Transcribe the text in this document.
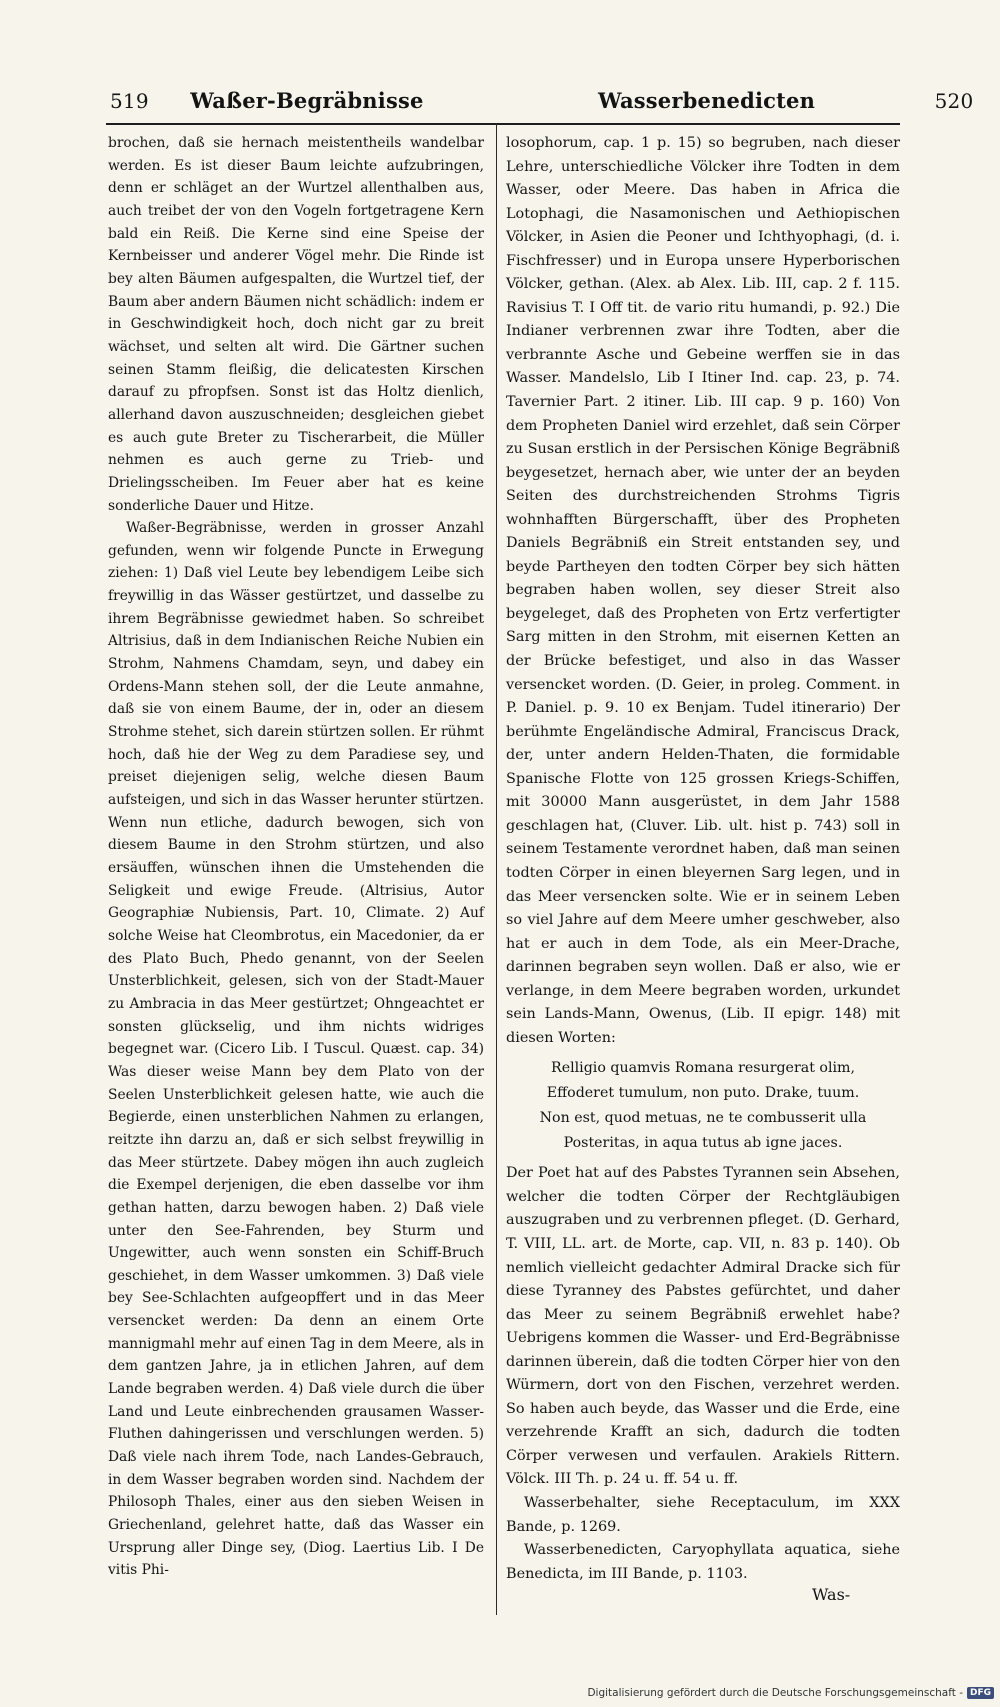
519 Waßer-Begräbnisse	Wasserbenedicten	520

brochen, daß sie hernach meistentheils wandelbar werden. Es ist dieser Baum leichte aufzubringen, denn er schläget an der Wurtzel allenthalben aus, auch treibet der von den Vogeln fortgetragene Kern bald ein Reiß. Die Kerne sind eine Speise der Kernbeisser und anderer Vögel mehr. Die Rinde ist bey alten Bäumen aufgespalten, die Wurtzel tief, der Baum aber andern Bäumen nicht schädlich: indem er in Geschwindigkeit hoch, doch nicht gar zu breit wächset, und selten alt wird. Die Gärtner suchen seinen Stamm fleißig, die delicatesten Kirschen darauf zu pfropfsen. Sonst ist das Holtz dienlich, allerhand davon auszuschneiden; desgleichen giebet es auch gute Breter zu Tischerarbeit, die Müller nehmen es auch gerne zu Trieb- und Drielingsscheiben. Im Feuer aber hat es keine sonderliche Dauer und Hitze.

Waßer-Begräbnisse, werden in grosser Anzahl gefunden, wenn wir folgende Puncte in Erwegung ziehen: 1) Daß viel Leute bey lebendigem Leibe sich freywillig in das Wässer gestürtzet, und dasselbe zu ihrem Begräbnisse gewiedmet haben. So schreibet Altrisius, daß in dem Indianischen Reiche Nubien ein Strohm, Nahmens Chamdam, seyn, und dabey ein Ordens-Mann stehen soll, der die Leute anmahne, daß sie von einem Baume, der in, oder an diesem Strohme stehet, sich darein stürtzen sollen. Er rühmt hoch, daß hie der Weg zu dem Paradiese sey, und preiset diejenigen selig, welche diesen Baum aufsteigen, und sich in das Wasser herunter stürtzen. Wenn nun etliche, dadurch bewogen, sich von diesem Baume in den Strohm stürtzen, und also ersäuffen, wünschen ihnen die Umstehenden die Seligkeit und ewige Freude. (Altrisius, Autor Geographiæ Nubiensis, Part. 10, Climate. 2) Auf solche Weise hat Cleombrotus, ein Macedonier, da er des Plato Buch, Phedo genannt, von der Seelen Unsterblichkeit, gelesen, sich von der Stadt-Mauer zu Ambracia in das Meer gestürtzet; Ohngeachtet er sonsten glückselig, und ihm nichts widriges begegnet war. (Cicero Lib. I Tuscul. Quæst. cap. 34) Was dieser weise Mann bey dem Plato von der Seelen Unsterblichkeit gelesen hatte, wie auch die Begierde, einen unsterblichen Nahmen zu erlangen, reitzte ihn darzu an, daß er sich selbst freywillig in das Meer stürtzete. Dabey mögen ihn auch zugleich die Exempel derjenigen, die eben dasselbe vor ihm gethan hatten, darzu bewogen haben. 2) Daß viele unter den See-Fahrenden, bey Sturm und Ungewitter, auch wenn sonsten ein Schiff-Bruch geschiehet, in dem Wasser umkommen. 3) Daß viele bey See-Schlachten aufgeopffert und in das Meer versencket werden: Da denn an einem Orte mannigmahl mehr auf einen Tag in dem Meere, als in dem gantzen Jahre, ja in etlichen Jahren, auf dem Lande begraben werden. 4) Daß viele durch die über Land und Leute einbrechenden grausamen Wasser-Fluthen dahingerissen und verschlungen werden. 5) Daß viele nach ihrem Tode, nach Landes-Gebrauch, in dem Wasser begraben worden sind. Nachdem der Philosoph Thales, einer aus den sieben Weisen in Griechenland, gelehret hatte, daß das Wasser ein Ursprung aller Dinge sey, (Diog. Laertius Lib. I De vitis Phi-

losophorum, cap. 1 p. 15) so begruben, nach dieser Lehre, unterschiedliche Völcker ihre Todten in dem Wasser, oder Meere. Das haben in Africa die Lotophagi, die Nasamonischen und Aethiopischen Völcker, in Asien die Peoner und Ichthyophagi, (d. i. Fischfresser) und in Europa unsere Hyperborischen Völcker, gethan. (Alex. ab Alex. Lib. III, cap. 2 f. 115. Ravisius T. I Off tit. de vario ritu humandi, p. 92.) Die Indianer verbrennen zwar ihre Todten, aber die verbrannte Asche und Gebeine werffen sie in das Wasser. Mandelslo, Lib I Itiner Ind. cap. 23, p. 74. Tavernier Part. 2 itiner. Lib. III cap. 9 p. 160) Von dem Propheten Daniel wird erzehlet, daß sein Cörper zu Susan erstlich in der Persischen Könige Begräbniß beygesetzet, hernach aber, wie unter der an beyden Seiten des durchstreichenden Strohms Tigris wohnhafften Bürgerschafft, über des Propheten Daniels Begräbniß ein Streit entstanden sey, und beyde Partheyen den todten Cörper bey sich hätten begraben haben wollen, sey dieser Streit also beygeleget, daß des Propheten von Ertz verfertigter Sarg mitten in den Strohm, mit eisernen Ketten an der Brücke befestiget, und also in das Wasser versencket worden. (D. Geier, in proleg. Comment. in P. Daniel. p. 9. 10 ex Benjam. Tudel itinerario) Der berühmte Engeländische Admiral, Franciscus Drack, der, unter andern Helden-Thaten, die formidable Spanische Flotte von 125 grossen Kriegs-Schiffen, mit 30000 Mann ausgerüstet, in dem Jahr 1588 geschlagen hat, (Cluver. Lib. ult. hist p. 743) soll in seinem Testamente verordnet haben, daß man seinen todten Cörper in einen bleyernen Sarg legen, und in das Meer versencken solte. Wie er in seinem Leben so viel Jahre auf dem Meere umher geschweber, also hat er auch in dem Tode, als ein Meer-Drache, darinnen begraben seyn wollen. Daß er also, wie er verlange, in dem Meere begraben worden, urkundet sein Lands-Mann, Owenus, (Lib. II epigr. 148) mit diesen Worten:

Relligio quamvis Romana resurgerat olim,
Effoderet tumulum, non puto. Drake, tuum.
Non est, quod metuas, ne te combusserit ulla
Posteritas, in aqua tutus ab igne jaces.

Der Poet hat auf des Pabstes Tyrannen sein Absehen, welcher die todten Cörper der Rechtgläubigen auszugraben und zu verbrennen pfleget. (D. Gerhard, T. VIII, LL. art. de Morte, cap. VII, n. 83 p. 140). Ob nemlich vielleicht gedachter Admiral Dracke sich für diese Tyranney des Pabstes gefürchtet, und daher das Meer zu seinem Begräbniß erwehlet habe? Uebrigens kommen die Wasser- und Erd-Begräbnisse darinnen überein, daß die todten Cörper hier von den Würmern, dort von den Fischen, verzehret werden. So haben auch beyde, das Wasser und die Erde, eine verzehrende Krafft an sich, dadurch die todten Cörper verwesen und verfaulen. Arakiels Rittern. Völck. III Th. p. 24 u. ff. 54 u. ff.

Wasserbehalter, siehe Receptaculum, im XXX Bande, p. 1269.

Wasserbenedicten, Caryophyllata aquatica, siehe Benedicta, im III Bande, p. 1103.

Was-
Digitalisierung gefördert durch die Deutsche Forschungsgemeinschaft - DFG
